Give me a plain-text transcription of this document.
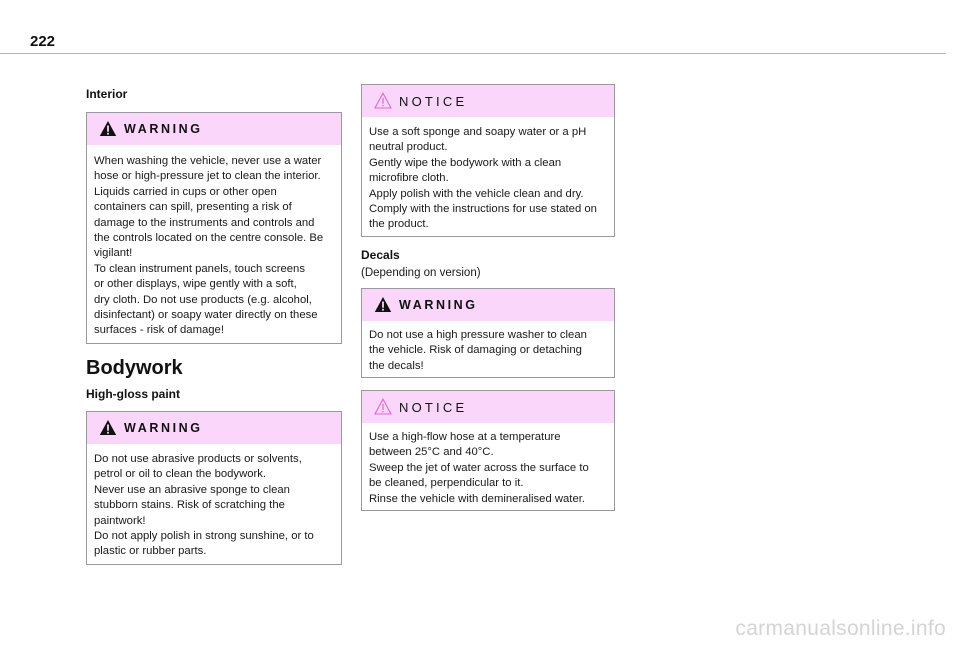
222
Interior
WARNING
When washing the vehicle, never use a water
hose or high-pressure jet to clean the interior.
Liquids carried in cups or other open
containers can spill, presenting a risk of
damage to the instruments and controls and
the controls located on the centre console. Be
vigilant!
To clean instrument panels, touch screens
or other displays, wipe gently with a soft,
dry cloth. Do not use products (e.g. alcohol,
disinfectant) or soapy water directly on these
surfaces - risk of damage!
Bodywork
High-gloss paint
WARNING
Do not use abrasive products or solvents,
petrol or oil to clean the bodywork.
Never use an abrasive sponge to clean
stubborn stains. Risk of scratching the
paintwork!
Do not apply polish in strong sunshine, or to
plastic or rubber parts.
NOTICE
Use a soft sponge and soapy water or a pH
neutral product.
Gently wipe the bodywork with a clean
microfibre cloth.
Apply polish with the vehicle clean and dry.
Comply with the instructions for use stated on
the product.
Decals
(Depending on version)
WARNING
Do not use a high pressure washer to clean
the vehicle. Risk of damaging or detaching
the decals!
NOTICE
Use a high-flow hose at a temperature
between 25°C and 40°C.
Sweep the jet of water across the surface to
be cleaned, perpendicular to it.
Rinse the vehicle with demineralised water.
carmanualsonline.info
